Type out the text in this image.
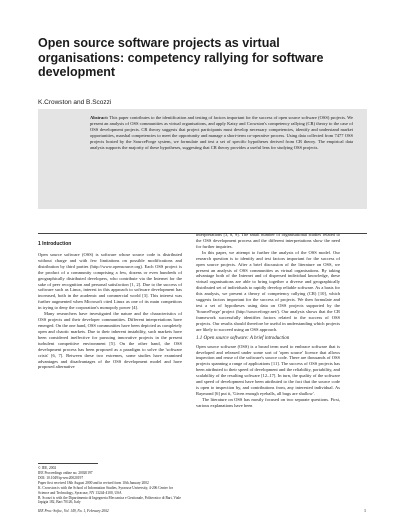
Open source software projects as virtual organisations: competency rallying for software development
K.Crowston and B.Scozzi
Abstract: This paper contributes to the identification and testing of factors important for the success of open source software (OSS) projects. We present an analysis of OSS communities as virtual organisations, and apply Katzy and Crowston's competency rallying (CR) theory to the case of OSS development projects. CR theory suggests that project participants must develop necessary competencies, identify and understand market opportunities, marshal competencies to meet the opportunity and manage a short-term co-operative process. Using data collected from 7477 OSS projects hosted by the SourceForge system, we formulate and test a set of specific hypotheses derived from CR theory. The empirical data analysis supports the majority of these hypotheses, suggesting that CR theory provides a useful lens for studying OSS projects.
1 Introduction

Open source software (OSS) is software whose source code is distributed without charge and with few limitations on possible modifications and distribution by third parties (http://www.opensource.org). Each OSS project is the product of a community comprising a few, dozens or even hundreds of geographically distributed developers, who contribute via the Internet for the sake of peer recognition and personal satisfaction [1, 2]. Due to the success of software such as Linux, interest in this approach to software development has increased, both in the academic and commercial world [3]. This interest was further augmented when Microsoft cited Linux as one of its main competitors in trying to deny the corporation's monopoly power [4].

Many researchers have investigated the nature and the characteristics of OSS projects and their developer communities. Different interpretations have emerged. On the one hand, OSS communities have been depicted as completely open and chaotic markets. Due to their inherent instability, such markets have been considered ineffective for pursuing innovative projects in the present turbulent competitive environment [5]. On the other hand, the OSS development process has been proposed as a paradigm to solve the 'software crisis' [6, 7]. Between these two extremes, some studies have examined advantages and disadvantages of the OSS development model and have proposed alternative

interpretations [3, 8, 9]. The small number of organisational studies related to the OSS development process and the different interpretations show the need for further inquiries.

In this paper, we attempt to further the analysis of the OSS model. Our research question is to identify and test factors important for the success of open source projects. After a brief discussion of the literature on OSS, we present an analysis of OSS communities as virtual organisations. By taking advantage both of the Internet and of dispersed individual knowledge, these virtual organisations are able to bring together a diverse and geographically distributed set of individuals to rapidly develop reliable software. As a basis for this analysis, we present a theory of competency rallying (CR) [10], which suggests factors important for the success of projects. We then formulate and test a set of hypotheses using data on OSS projects supported by the 'SourceForge' project (http://sourceforge.net/). Our analysis shows that the CR framework successfully identifies factors related to the success of OSS projects. Our results should therefore be useful in understanding which projects are likely to succeed using an OSS approach.

1.1 Open source software: A brief introduction

Open source software (OSS) is a broad term used to embrace software that is developed and released under some sort of 'open source' licence that allows inspection and reuse of the software's source code. There are thousands of OSS projects spanning a range of applications [11]. The success of OSS projects has been attributed to their speed of development and the reliability, portability, and scalability of the resulting software [12–17]. In turn, the quality of the software and speed of development have been attributed to the fact that the source code is open to inspection by, and contributions from, any interested individual. As Raymond [6] put it, 'Given enough eyeballs, all bugs are shallow'.

The literature on OSS has mostly focused on two separate questions. First, various explanations have been

© IEE, 2002

IEE Proceedings online no. 20020197

DOI: 10.1049/ip-sen:20020197

Paper first received 18th August 2000 and in revised form 10th January 2002

K. Crowston is with the School of Information Studies, Syracuse University, 4-206 Center for Science and Technology, Syracuse, NY 13244-4100, USA

B. Scozzi is with the Dipartimento di Ingegneria Meccanica e Gestionale, Politecnico di Bari, Viale Japigia 182, Bari 70126, Italy

IEE Proc.-Softw., Vol. 149, No. 1, February 2002	3
